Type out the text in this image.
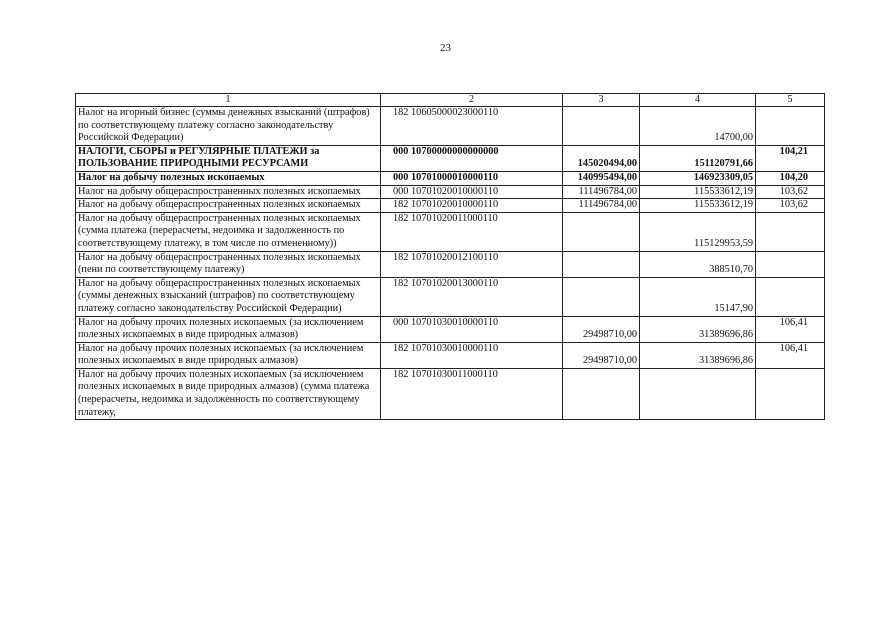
23
1	2	3	4	5
Налог на игорный бизнес (суммы денежных взысканий (штрафов) по соответствующему платежу согласно законодательству Российской Федерации)	182 10605000023000110		14700,00	
НАЛОГИ, СБОРЫ и РЕГУЛЯРНЫЕ ПЛАТЕЖИ за ПОЛЬЗОВАНИЕ ПРИРОДНЫМИ РЕСУРСАМИ	000 10700000000000000	145020494,00	151120791,66	104,21
Налог на добычу полезных ископаемых	000 10701000010000110	140995494,00	146923309,05	104,20
Налог на добычу общераспространенных полезных ископаемых	000 10701020010000110	111496784,00	115533612,19	103,62
Налог на добычу общераспространенных полезных ископаемых	182 10701020010000110	111496784,00	115533612,19	103,62
Налог на добычу общераспространенных полезных ископаемых (сумма платежа (перерасчеты, недоимка и задолженность по соответствующему платежу, в том числе по отмененному))	182 10701020011000110		115129953,59	
Налог на добычу общераспространенных полезных ископаемых (пени по соответствующему платежу)	182 10701020012100110		388510,70	
Налог на добычу общераспространенных полезных ископаемых (суммы денежных взысканий (штрафов) по соответствующему платежу согласно законодательству Российской Федерации)	182 10701020013000110		15147,90	
Налог на добычу прочих полезных ископаемых (за исключением полезных ископаемых в виде природных алмазов)	000 10701030010000110	29498710,00	31389696,86	106,41
Налог на добычу прочих полезных ископаемых (за исключением полезных ископаемых в виде природных алмазов)	182 10701030010000110	29498710,00	31389696,86	106,41
Налог на добычу прочих полезных ископаемых (за исключением полезных ископаемых в виде природных алмазов) (сумма платежа (перерасчеты, недоимка и задолженность по соответствующему платежу,	182 10701030011000110			
